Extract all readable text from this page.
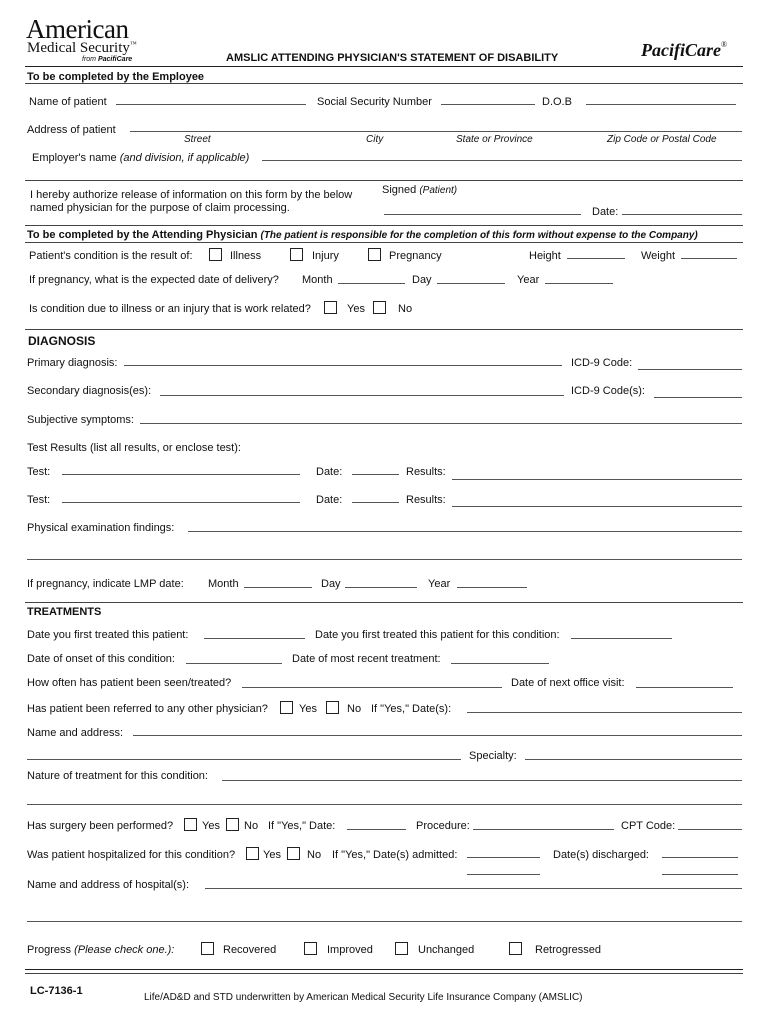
American
Medical Security™
from PacifiCare	AMSLIC ATTENDING PHYSICIAN'S STATEMENT OF DISABILITY	PacifiCare®
To be completed by the Employee
Name of patient	Social Security Number	D.O.B
Address of patient
Street	City	State or Province	Zip Code or Postal Code
Employer's name (and division, if applicable)
I hereby authorize release of information on this form by the below
named physician for the purpose of claim processing.
Signed (Patient)
Date:
To be completed by the Attending Physician (The patient is responsible for the completion of this form without expense to the Company)
Patient's condition is the result of:	Illness	Injury	Pregnancy	Height	Weight
If pregnancy, what is the expected date of delivery? Month	Day	Year
Is condition due to illness or an injury that is work related?	Yes	No
DIAGNOSIS
Primary diagnosis:	ICD-9 Code:
Secondary diagnosis(es):	ICD-9 Code(s):
Subjective symptoms:
Test Results (list all results, or enclose test):
Test:	Date:	Results:
Test:	Date:	Results:
Physical examination findings:
If pregnancy, indicate LMP date: Month	Day	Year
TREATMENTS
Date you first treated this patient:	Date you first treated this patient for this condition:
Date of onset of this condition:	Date of most recent treatment:
How often has patient been seen/treated?	Date of next office visit:
Has patient been referred to any other physician?	Yes	No If "Yes," Date(s):
Name and address:
Specialty:
Nature of treatment for this condition:
Has surgery been performed?	Yes No If "Yes," Date:	Procedure:	CPT Code:
Was patient hospitalized for this condition?	Yes No If "Yes," Date(s) admitted:	Date(s) discharged:
Name and address of hospital(s):
Progress (Please check one.):	Recovered	Improved	Unchanged	Retrogressed
LC-7136-1
Life/AD&D and STD underwritten by American Medical Security Life Insurance Company (AMSLIC)
